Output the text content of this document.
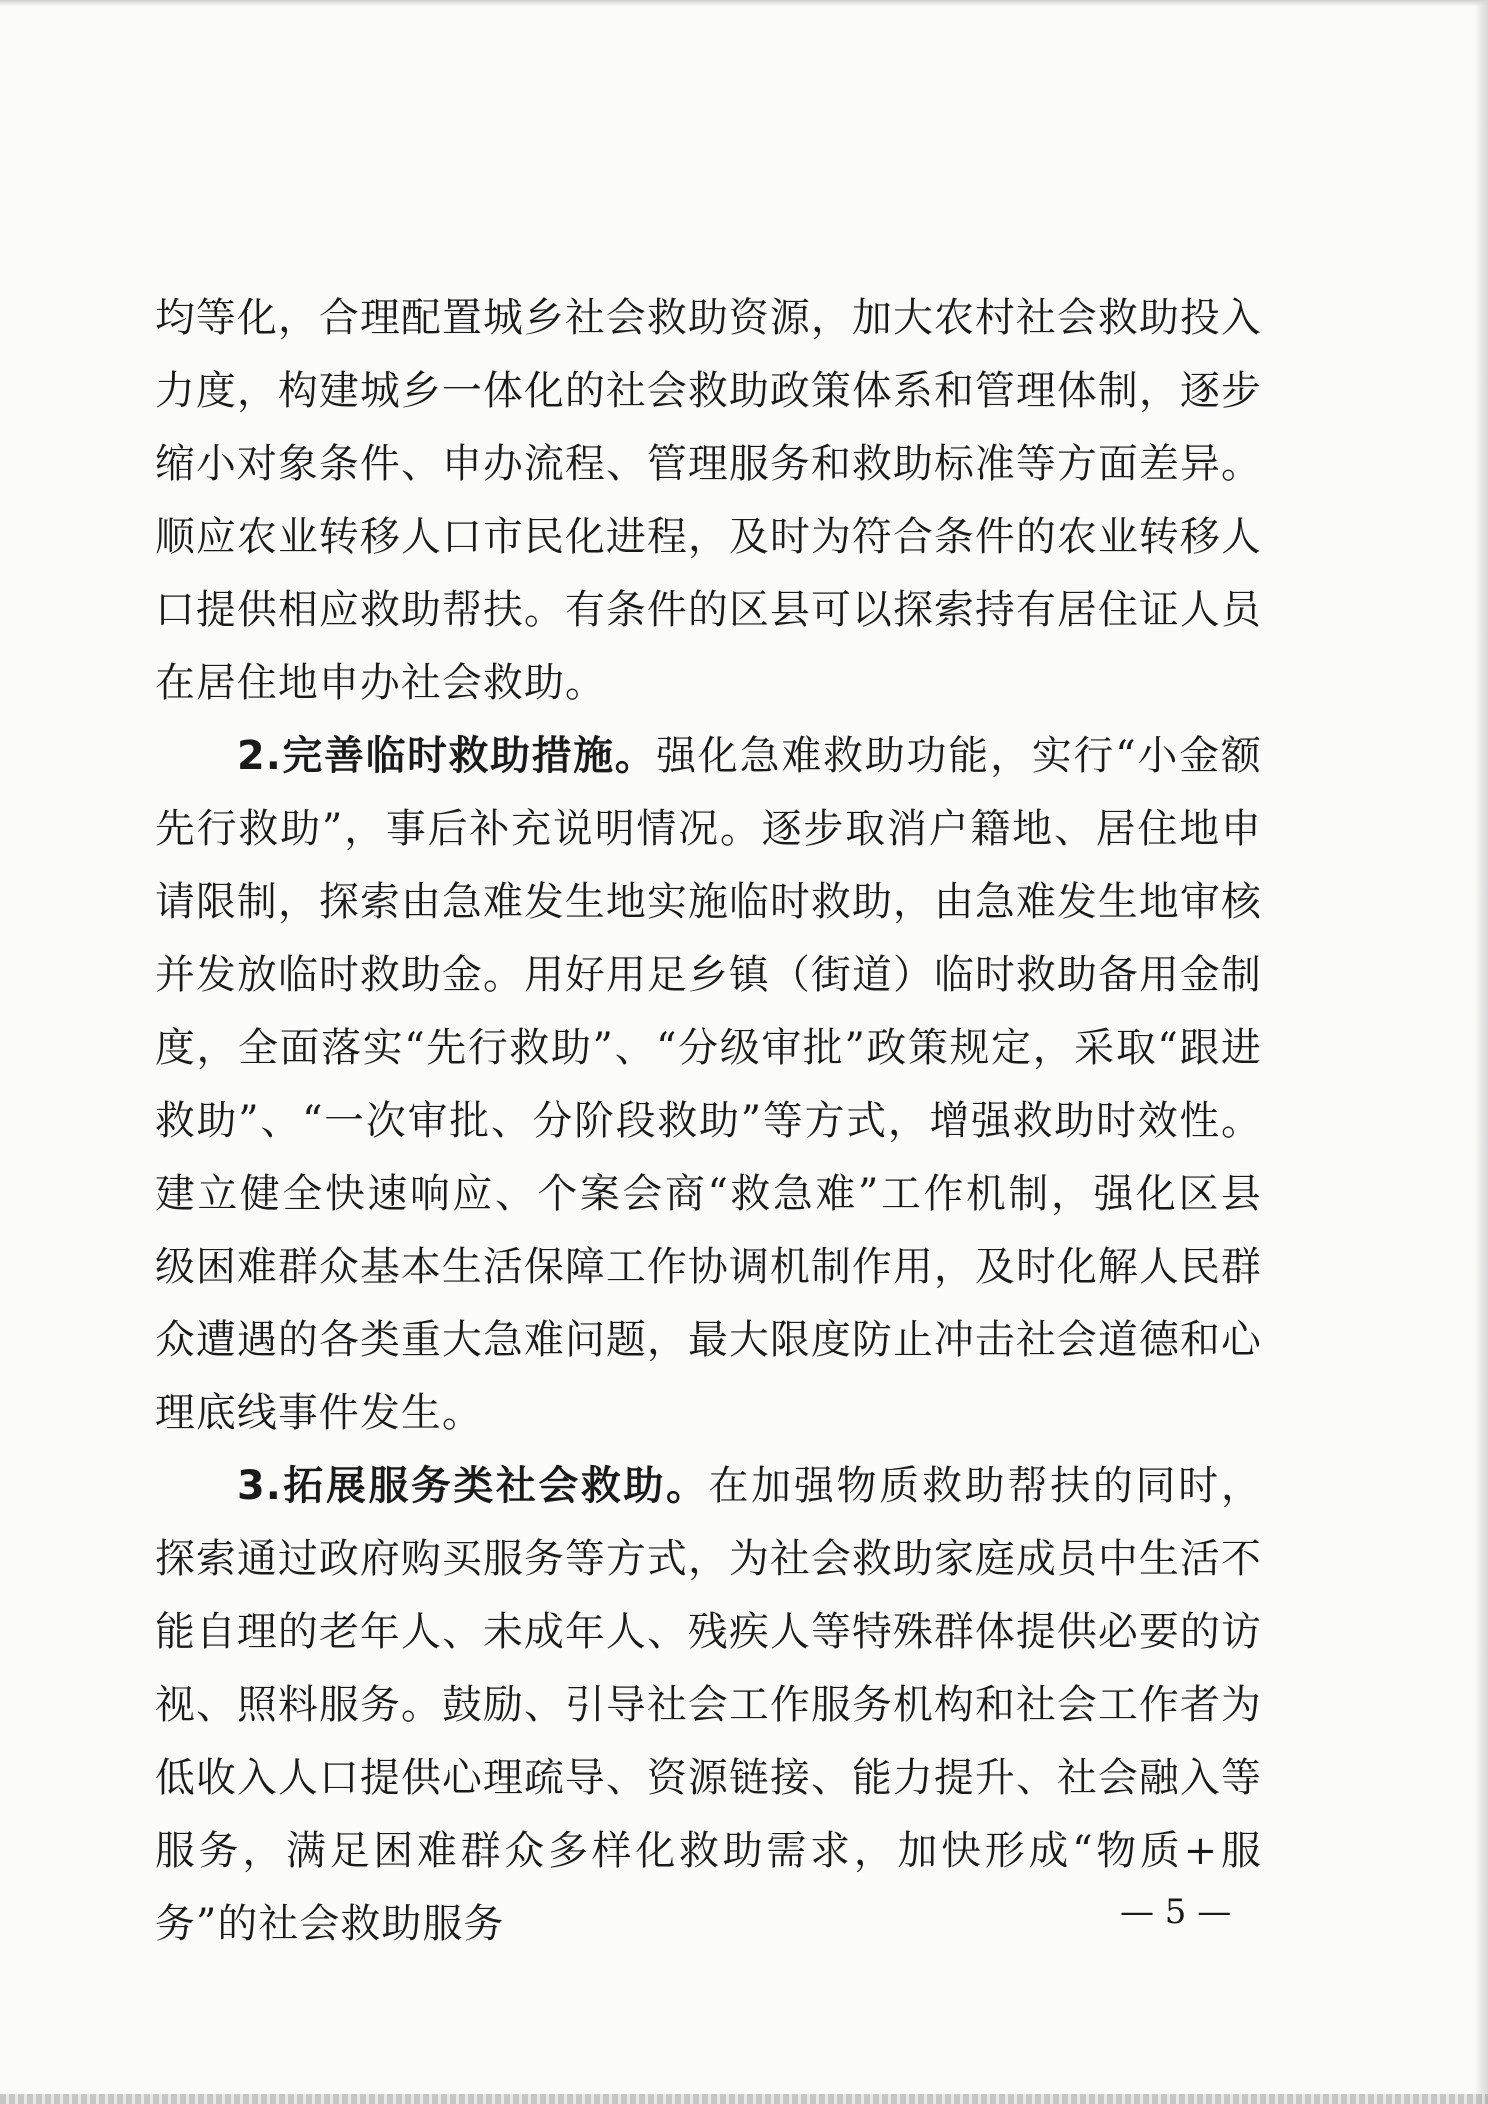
均等化，合理配置城乡社会救助资源，加大农村社会救助投入力度，构建城乡一体化的社会救助政策体系和管理体制，逐步缩小对象条件、申办流程、管理服务和救助标准等方面差异。顺应农业转移人口市民化进程，及时为符合条件的农业转移人口提供相应救助帮扶。有条件的区县可以探索持有居住证人员在居住地申办社会救助。

2.完善临时救助措施。强化急难救助功能，实行“小金额先行救助”，事后补充说明情况。逐步取消户籍地、居住地申请限制，探索由急难发生地实施临时救助，由急难发生地审核并发放临时救助金。用好用足乡镇（街道）临时救助备用金制度，全面落实“先行救助”、“分级审批”政策规定，采取“跟进救助”、“一次审批、分阶段救助”等方式，增强救助时效性。建立健全快速响应、个案会商“救急难”工作机制，强化区县级困难群众基本生活保障工作协调机制作用，及时化解人民群众遭遇的各类重大急难问题，最大限度防止冲击社会道德和心理底线事件发生。

3.拓展服务类社会救助。在加强物质救助帮扶的同时，探索通过政府购买服务等方式，为社会救助家庭成员中生活不能自理的老年人、未成年人、残疾人等特殊群体提供必要的访视、照料服务。鼓励、引导社会工作服务机构和社会工作者为低收入人口提供心理疏导、资源链接、能力提升、社会融入等服务，满足困难群众多样化救助需求，加快形成“物质+服务”的社会救助服务	— 5 —
